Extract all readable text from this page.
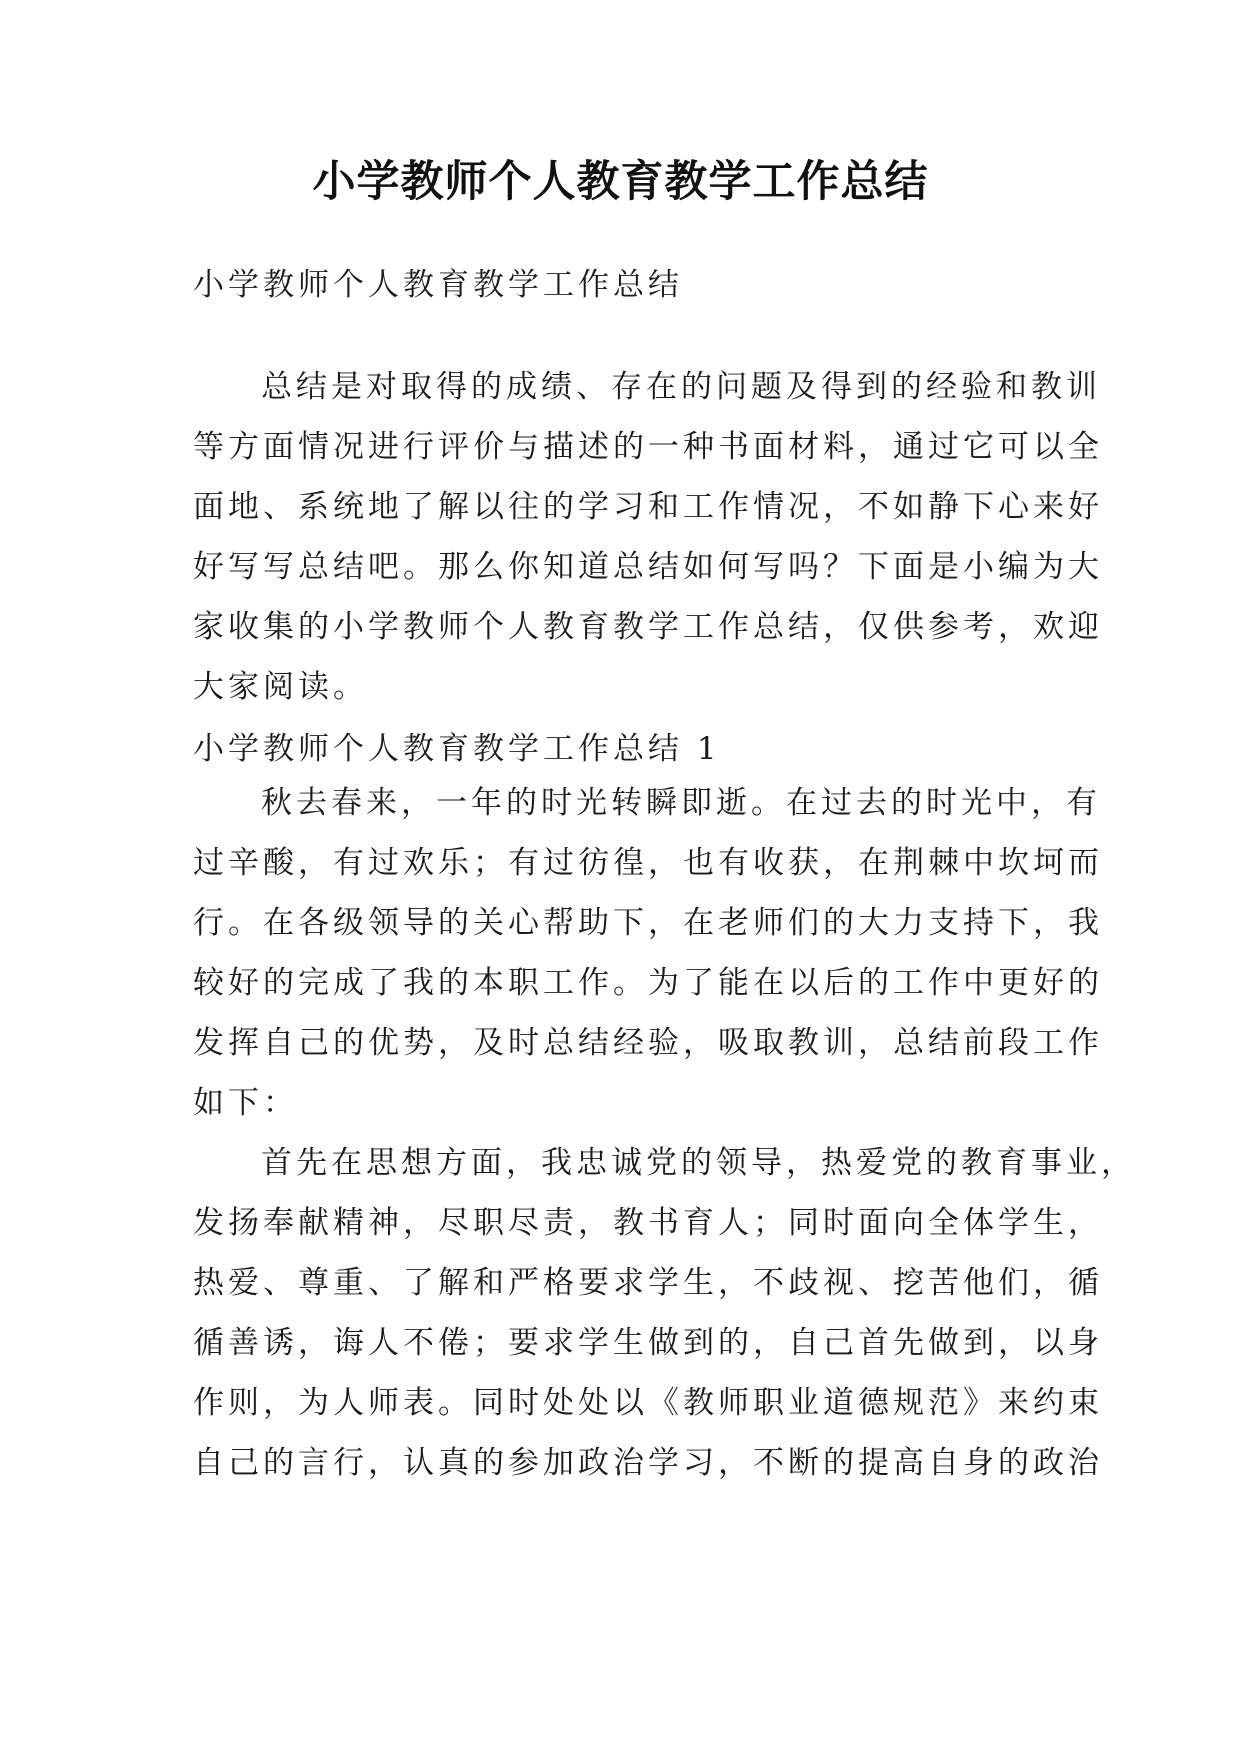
小学教师个人教育教学工作总结

小学教师个人教育教学工作总结

总结是对取得的成绩、存在的问题及得到的经验和教训
等方面情况进行评价与描述的一种书面材料，通过它可以全
面地、系统地了解以往的学习和工作情况，不如静下心来好
好写写总结吧。那么你知道总结如何写吗？下面是小编为大
家收集的小学教师个人教育教学工作总结，仅供参考，欢迎
大家阅读。

小学教师个人教育教学工作总结 1

秋去春来，一年的时光转瞬即逝。在过去的时光中，有
过辛酸，有过欢乐；有过彷徨，也有收获，在荆棘中坎坷而
行。在各级领导的关心帮助下，在老师们的大力支持下，我
较好的完成了我的本职工作。为了能在以后的工作中更好的
发挥自己的优势，及时总结经验，吸取教训，总结前段工作
如下：
首先在思想方面，我忠诚党的领导，热爱党的教育事业，
发扬奉献精神，尽职尽责，教书育人；同时面向全体学生，
热爱、尊重、了解和严格要求学生，不歧视、挖苦他们，循
循善诱，诲人不倦；要求学生做到的，自己首先做到，以身
作则，为人师表。同时处处以《教师职业道德规范》来约束
自己的言行，认真的参加政治学习，不断的提高自身的政治
